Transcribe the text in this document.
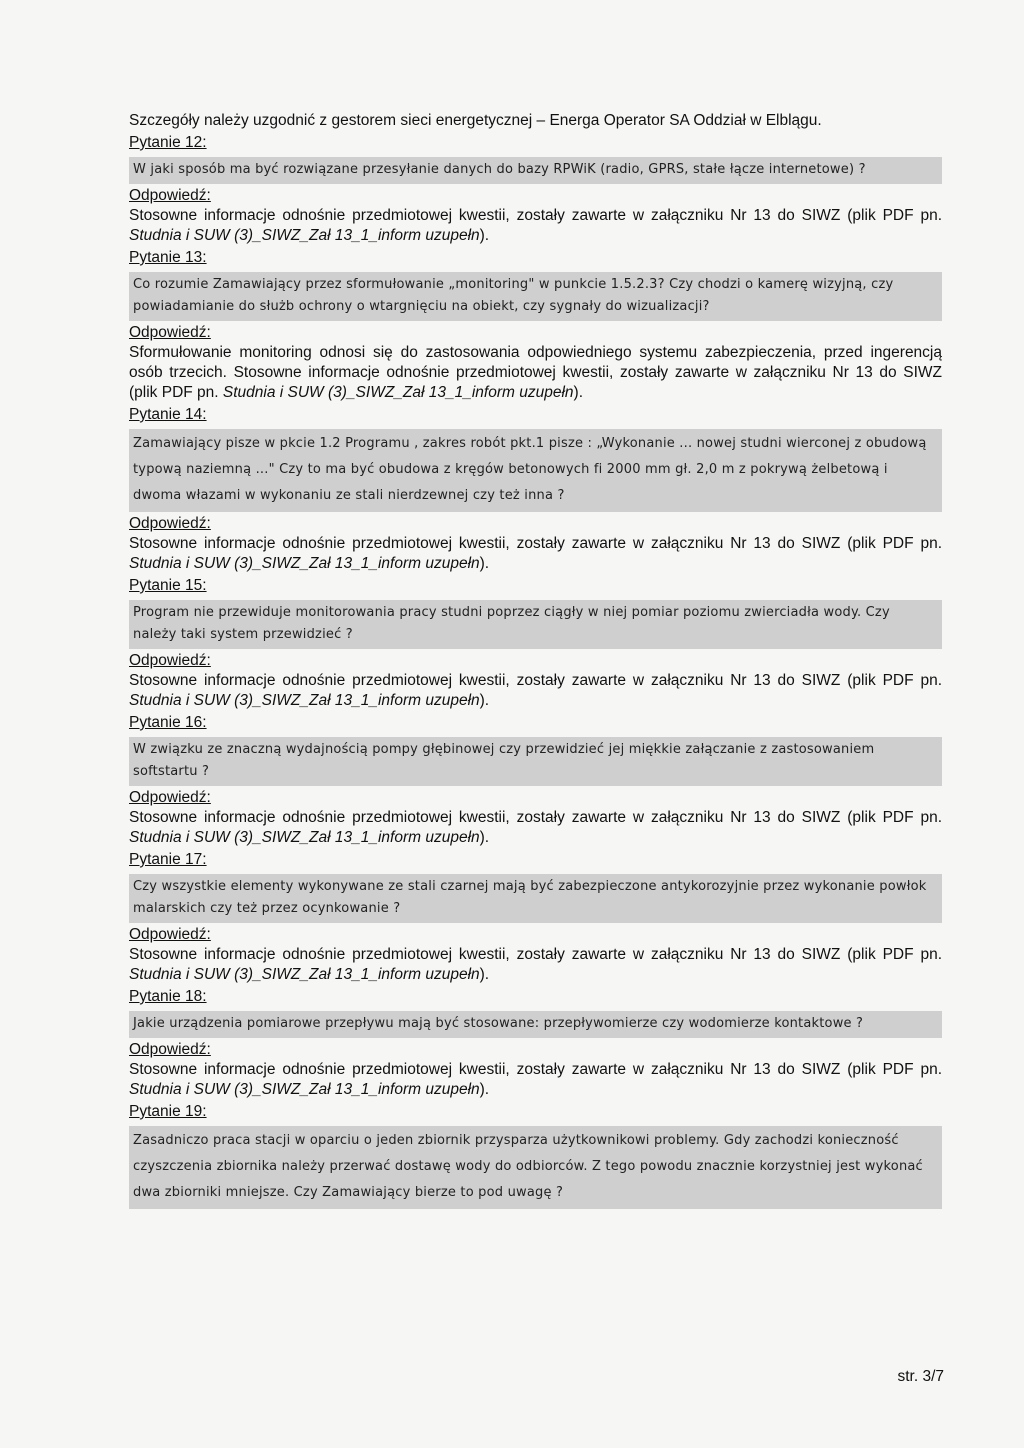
Szczegóły należy uzgodnić z gestorem sieci energetycznej – Energa Operator SA Oddział w Elblągu.

Pytanie 12:
W jaki sposób ma być rozwiązane przesyłanie danych do bazy RPWiK (radio, GPRS, stałe łącze internetowe) ?
Odpowiedź:

Stosowne informacje odnośnie przedmiotowej kwestii, zostały zawarte w załączniku Nr 13 do SIWZ (plik PDF pn. Studnia i SUW (3)_SIWZ_Zał 13_1_inform uzupełn).

Pytanie 13:
Co rozumie Zamawiający przez sformułowanie „monitoring" w punkcie 1.5.2.3? Czy chodzi o kamerę wizyjną, czy powiadamianie do służb ochrony o wtargnięciu na obiekt, czy sygnały do wizualizacji?
Odpowiedź:

Sformułowanie monitoring odnosi się do zastosowania odpowiedniego systemu zabezpieczenia, przed ingerencją osób trzecich. Stosowne informacje odnośnie przedmiotowej kwestii, zostały zawarte w załączniku Nr 13 do SIWZ (plik PDF pn. Studnia i SUW (3)_SIWZ_Zał 13_1_inform uzupełn).

Pytanie 14:
Zamawiający pisze w pkcie 1.2 Programu , zakres robót pkt.1 pisze : „Wykonanie ... nowej studni wierconej z obudową typową naziemną ..." Czy to ma być obudowa z kręgów betonowych fi 2000 mm gł. 2,0 m z pokrywą żelbetową i dwoma włazami w wykonaniu ze stali nierdzewnej czy też inna ?
Odpowiedź:

Stosowne informacje odnośnie przedmiotowej kwestii, zostały zawarte w załączniku Nr 13 do SIWZ (plik PDF pn. Studnia i SUW (3)_SIWZ_Zał 13_1_inform uzupełn).

Pytanie 15:
Program nie przewiduje monitorowania pracy studni poprzez ciągły w niej pomiar poziomu zwierciadła wody. Czy należy taki system przewidzieć ?
Odpowiedź:

Stosowne informacje odnośnie przedmiotowej kwestii, zostały zawarte w załączniku Nr 13 do SIWZ (plik PDF pn. Studnia i SUW (3)_SIWZ_Zał 13_1_inform uzupełn).

Pytanie 16:
W związku ze znaczną wydajnością pompy głębinowej czy przewidzieć jej miękkie załączanie z zastosowaniem softstartu ?
Odpowiedź:

Stosowne informacje odnośnie przedmiotowej kwestii, zostały zawarte w załączniku Nr 13 do SIWZ (plik PDF pn. Studnia i SUW (3)_SIWZ_Zał 13_1_inform uzupełn).

Pytanie 17:
Czy wszystkie elementy wykonywane ze stali czarnej mają być zabezpieczone antykorozyjnie przez wykonanie powłok malarskich czy też przez ocynkowanie ?
Odpowiedź:

Stosowne informacje odnośnie przedmiotowej kwestii, zostały zawarte w załączniku Nr 13 do SIWZ (plik PDF pn. Studnia i SUW (3)_SIWZ_Zał 13_1_inform uzupełn).

Pytanie 18:
Jakie urządzenia pomiarowe przepływu mają być stosowane: przepływomierze czy wodomierze kontaktowe ?
Odpowiedź:

Stosowne informacje odnośnie przedmiotowej kwestii, zostały zawarte w załączniku Nr 13 do SIWZ (plik PDF pn. Studnia i SUW (3)_SIWZ_Zał 13_1_inform uzupełn).

Pytanie 19:
Zasadniczo praca stacji w oparciu o jeden zbiornik przysparza użytkownikowi problemy. Gdy zachodzi konieczność czyszczenia zbiornika należy przerwać dostawę wody do odbiorców. Z tego powodu znacznie korzystniej jest wykonać dwa zbiorniki mniejsze. Czy Zamawiający bierze to pod uwagę ?
str. 3/7
